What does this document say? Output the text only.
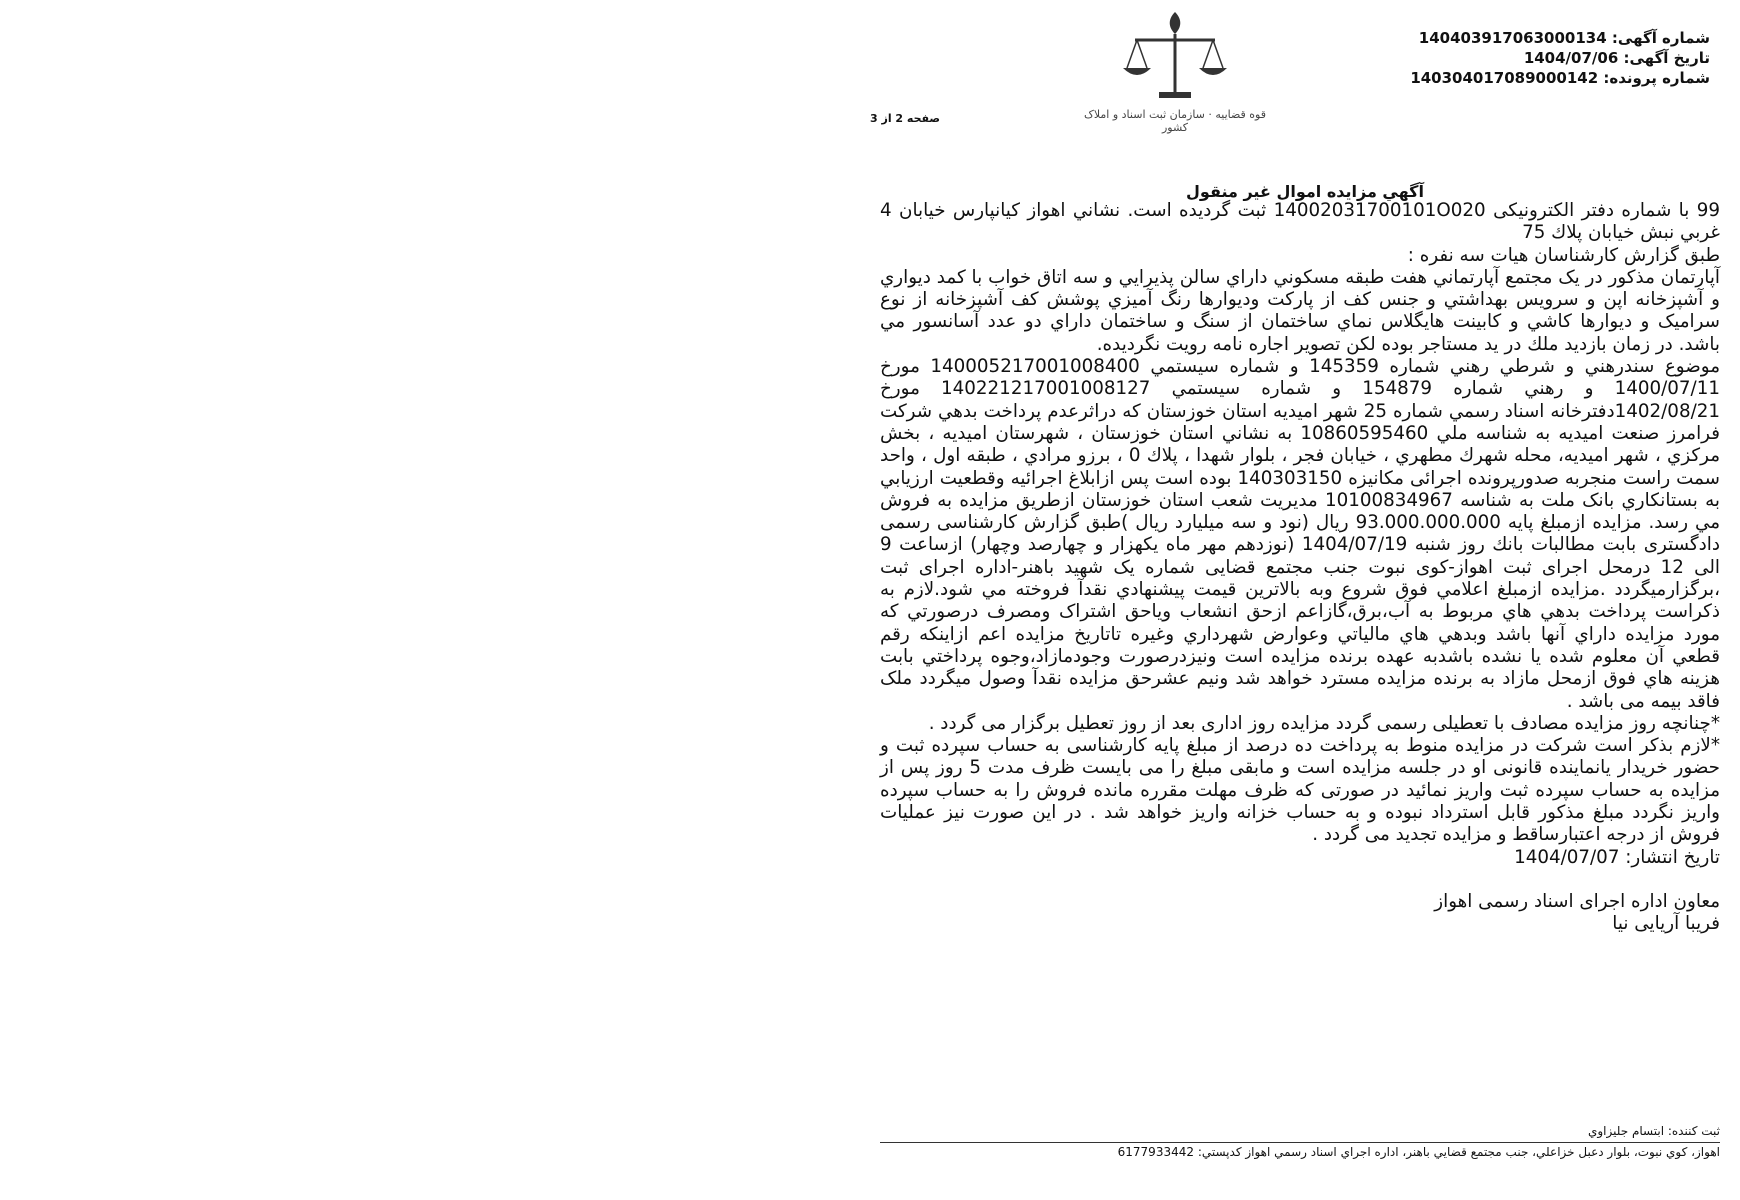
شماره آگهی: 140403917063000134
تاریخ آگهی: 1404/07/06
شماره پرونده: 140304017089000142
قوه قضاییه · سازمان ثبت اسناد و املاک کشور
صفحه 2 از 3
آگهي مزايده اموال غير منقول

99 با شماره دفتر الکترونیکی 14002031700101O020 ثبت گرديده است. نشاني اهواز کيانپارس خيابان 4 غربي نبش خيابان پلاك 75

طبق گزارش کارشناسان هيات سه نفره :

آپارتمان مذکور در يک مجتمع آپارتماني هفت طبقه مسکوني داراي سالن پذيرايي و سه اتاق خواب با کمد ديواري و آشپزخانه اپن و سرويس بهداشتي و جنس کف از پارکت وديوارها رنگ آميزي پوشش کف آشپزخانه از نوع سراميک و ديوارها کاشي و کابينت هايگلاس نماي ساختمان از سنگ و ساختمان داراي دو عدد آسانسور مي باشد. در زمان بازديد ملك در يد مستاجر بوده لكن تصوير اجاره نامه رويت نگرديده.

موضوع سندرهني و شرطي رهني شماره 145359 و شماره سيستمي 140005217001008400 مورخ 1400/07/11 و رهني شماره 154879 و شماره سيستمي 140221217001008127 مورخ 1402/08/21دفترخانه اسناد رسمي شماره 25 شهر اميديه استان خوزستان كه دراثرعدم پرداخت بدهي شركت فرامرز صنعت اميديه به شناسه ملي 10860595460 به نشاني استان خوزستان ، شهرستان اميديه ، بخش مركزي ، شهر اميديه، محله شهرك مطهري ، خيابان فجر ، بلوار شهدا ، پلاك 0 ، برزو مرادي ، طبقه اول ، واحد سمت راست منجربه صدورپرونده اجرائی مكانيزه 140303150 بوده است پس ازابلاغ اجرائيه وقطعيت ارزيابي به بستانكاري بانک ملت به شناسه 10100834967 مديريت شعب استان خوزستان ازطريق مزايده به فروش مي رسد. مزايده ازمبلغ پايه 93.000.000.000 ريال (نود و سه ميليارد ريال )طبق گزارش كارشناسی رسمی دادگستری بابت مطالبات بانك روز شنبه 1404/07/19 (نوزدهم مهر ماه يكهزار و چهارصد وچهار) ازساعت 9 الی 12 درمحل اجرای ثبت اهواز-كوی نبوت جنب مجتمع قضايی شماره يک شهيد باهنر-اداره اجرای ثبت ،برگزارميگردد .مزايده ازمبلغ اعلامي فوق شروع وبه بالاترين قيمت پيشنهادي نقدآ فروخته مي شود.لازم به ذكراست پرداخت بدهي هاي مربوط به آب،برق،گازاعم ازحق انشعاب وياحق اشتراک ومصرف درصورتي كه مورد مزايده داراي آنها باشد وبدهي هاي مالياتي وعوارض شهرداري وغيره تاتاريخ مزايده اعم ازاينكه رقم قطعي آن معلوم شده يا نشده باشدبه عهده برنده مزايده است ونيزدرصورت وجودمازاد،وجوه پرداختي بابت هزينه هاي فوق ازمحل مازاد به برنده مزايده مسترد خواهد شد ونيم عشرحق مزايده نقدآ وصول ميگردد ملک فاقد بيمه می باشد .

*چنانچه روز مزايده مصادف با تعطيلی رسمی گردد مزايده روز اداری بعد از روز تعطيل برگزار می گردد .

*لازم بذکر است شرکت در مزايده منوط به پرداخت ده درصد از مبلغ پايه کارشناسی به حساب سپرده ثبت و حضور خريدار يانماينده قانونی او در جلسه مزايده است و مابقی مبلغ را می بايست ظرف مدت 5 روز پس از مزايده به حساب سپرده ثبت واريز نمائيد در صورتی که ظرف مهلت مقرره مانده فروش را به حساب سپرده واريز نگردد مبلغ مذکور قابل استرداد نبوده و به حساب خزانه واريز خواهد شد . در اين صورت نيز عمليات فروش از درجه اعتبارساقط و مزايده تجديد می گردد .

تاريخ انتشار: 1404/07/07

معاون اداره اجرای اسناد رسمی اهواز

فريبا آريايی نيا

ثبت کننده: ابتسام جليزاوي
اهواز، كوي نبوت، بلوار دعبل خزاعلي، جنب مجتمع قضايي باهنر، اداره اجراي اسناد رسمي اهواز كدپستي: 6177933442
